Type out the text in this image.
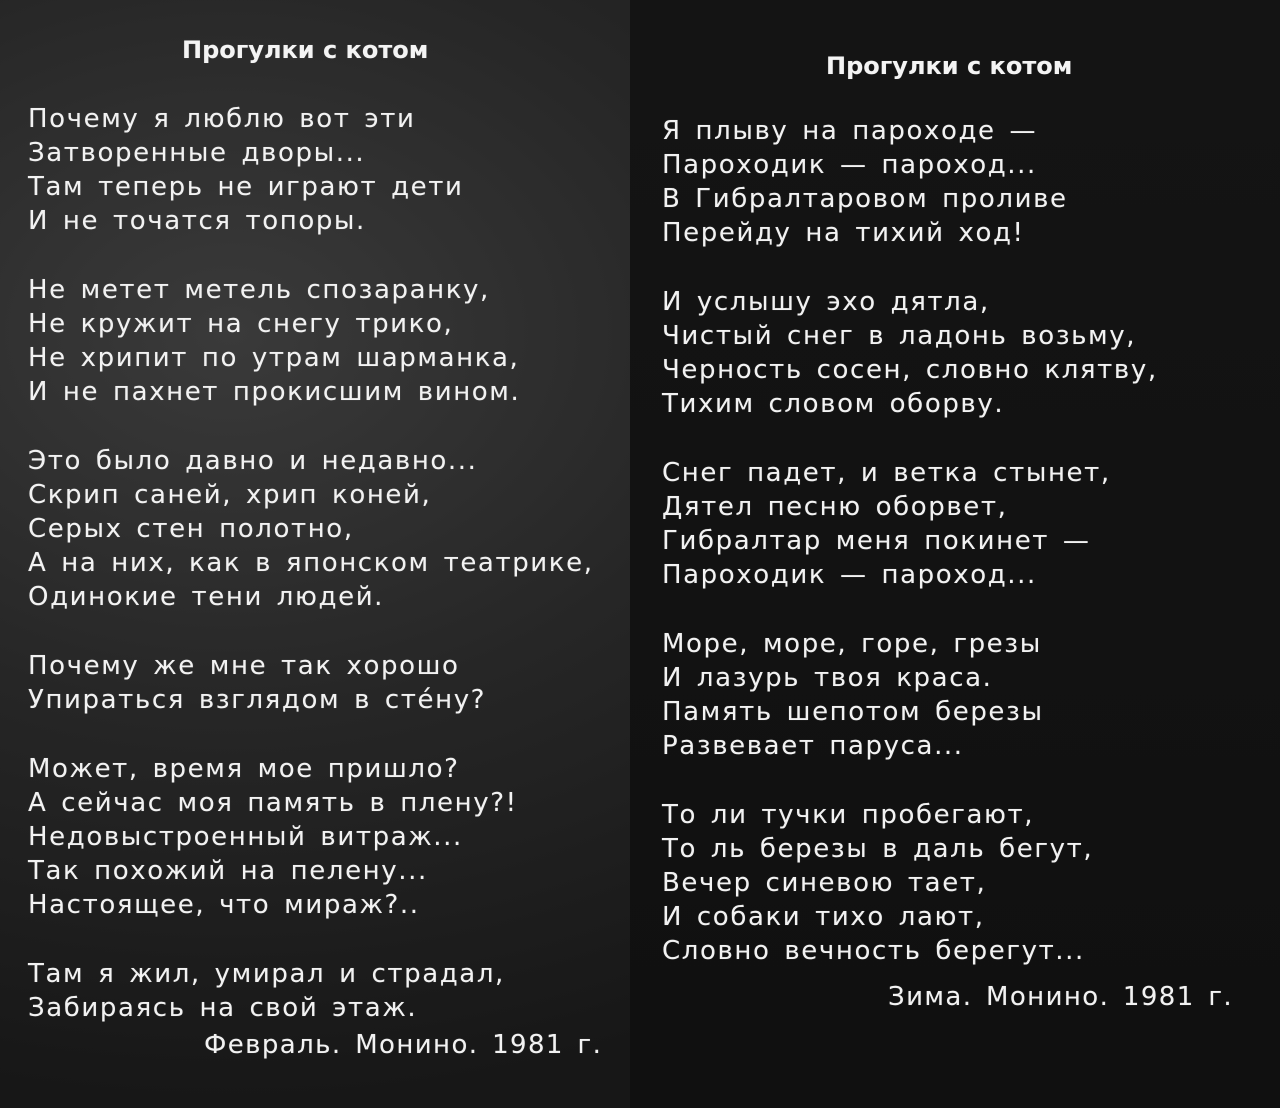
Прогулки с котом

Почему я люблю вот эти
Затворенные дворы...
Там теперь не играют дети
И не точатся топоры.

Не метет метель спозаранку,
Не кружит на снегу трико,
Не хрипит по утрам шарманка,
И не пахнет прокисшим вином.

Это было давно и недавно...
Скрип саней, хрип коней,
Серых стен полотно,
А на них, как в японском театрике,
Одинокие тени людей.

Почему же мне так хорошо
Упираться взглядом в стéну?

Может, время мое пришло?
А сейчас моя память в плену?!
Недовыстроенный витраж...
Так похожий на пелену...
Настоящее, что мираж?..

Там я жил, умирал и страдал,
Забираясь на свой этаж.

Февраль. Монино. 1981 г.
Прогулки с котом

Я плыву на пароходе —
Пароходик — пароход...
В Гибралтаровом проливе
Перейду на тихий ход!

И услышу эхо дятла,
Чистый снег в ладонь возьму,
Черность сосен, словно клятву,
Тихим словом оборву.

Снег падет, и ветка стынет,
Дятел песню оборвет,
Гибралтар меня покинет —
Пароходик — пароход...

Море, море, горе, грезы
И лазурь твоя краса.
Память шепотом березы
Развевает паруса...

То ли тучки пробегают,
То ль березы в даль бегут,
Вечер синевою тает,
И собаки тихо лают,
Словно вечность берегут...

Зима. Монино. 1981 г.
